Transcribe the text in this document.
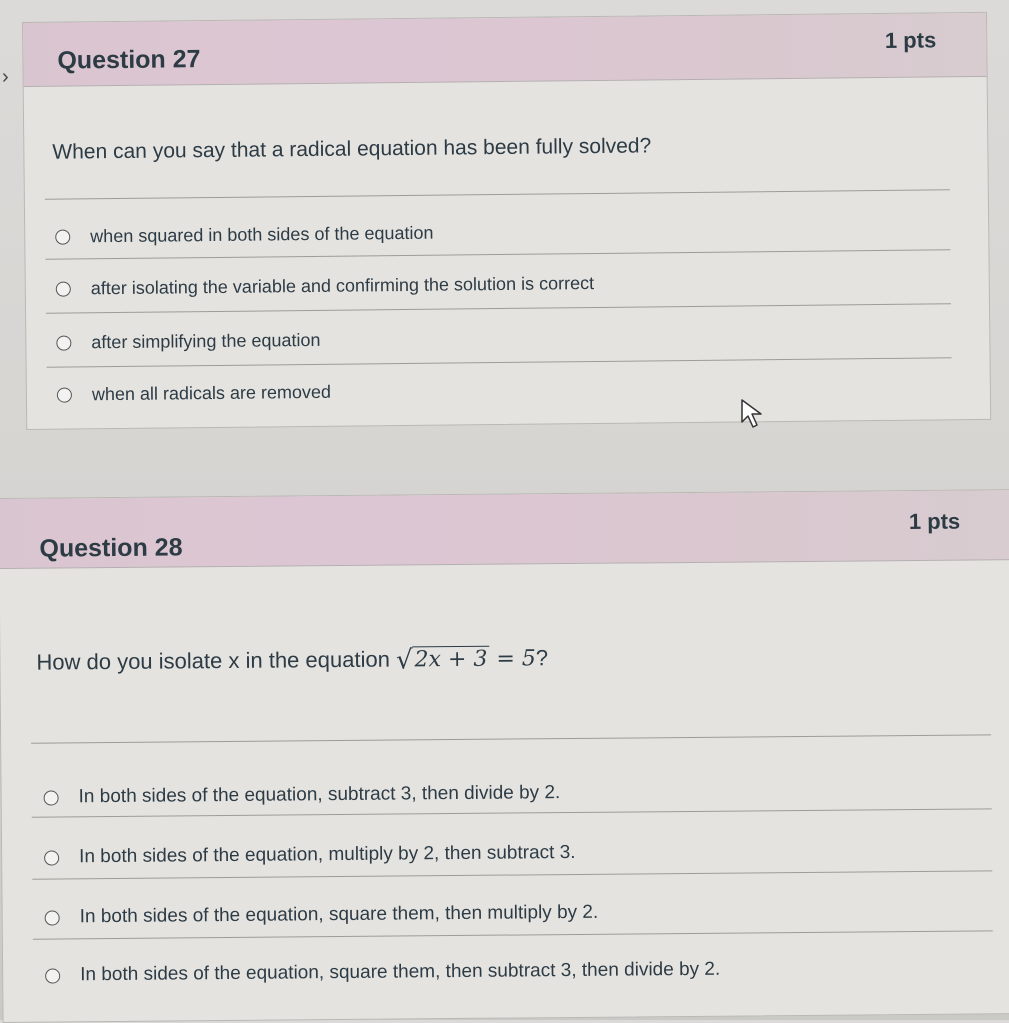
›
Question 27
1 pts
When can you say that a radical equation has been fully solved?
when squared in both sides of the equation
after isolating the variable and confirming the solution is correct
after simplifying the equation
when all radicals are removed
Question 28
1 pts
How do you isolate x in the equation √2x + 3 = 5?
In both sides of the equation, subtract 3, then divide by 2.
In both sides of the equation, multiply by 2, then subtract 3.
In both sides of the equation, square them, then multiply by 2.
In both sides of the equation, square them, then subtract 3, then divide by 2.
